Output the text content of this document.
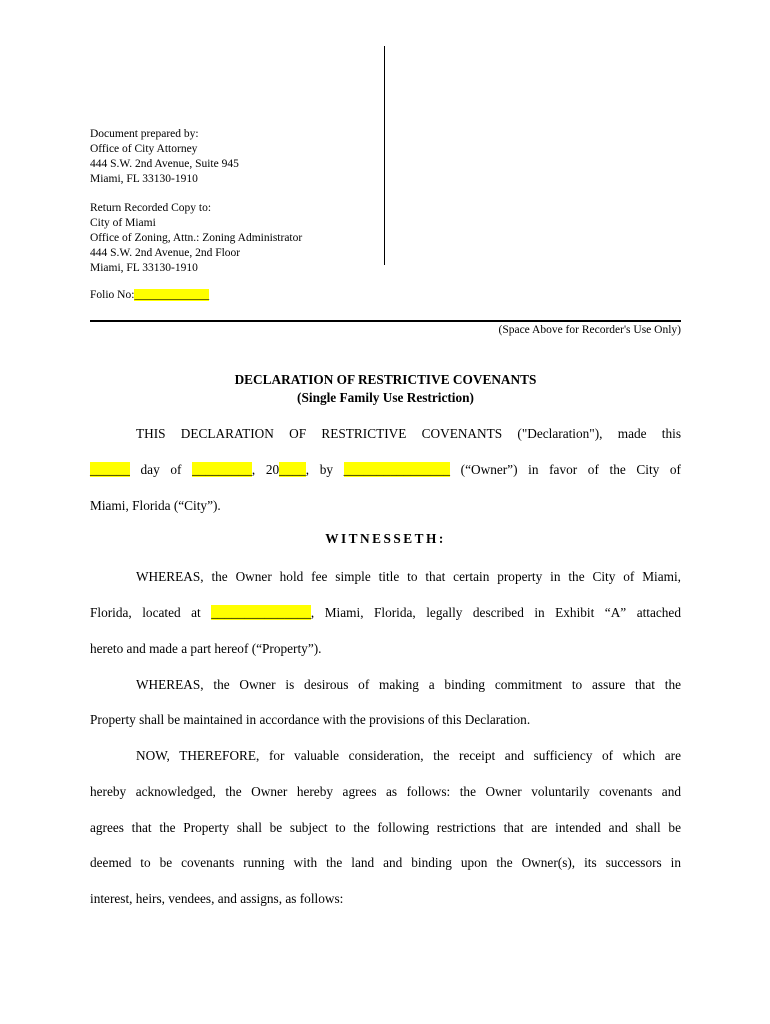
Document prepared by:
Office of City Attorney
444 S.W. 2nd Avenue, Suite 945
Miami, FL 33130-1910
Return Recorded Copy to:
City of Miami
Office of Zoning, Attn.: Zoning Administrator
444 S.W. 2nd Avenue, 2nd Floor
Miami, FL 33130-1910
Folio No:_____________
(Space Above for Recorder's Use Only)
DECLARATION OF RESTRICTIVE COVENANTS
(Single Family Use Restriction)
THIS DECLARATION OF RESTRICTIVE COVENANTS ("Declaration"), made this
______ day of _________, 20____, by ________________ (“Owner”) in favor of the City of
Miami, Florida (“City”).
WITNESSETH:
WHEREAS, the Owner hold fee simple title to that certain property in the City of Miami,
Florida, located at _______________, Miami, Florida, legally described in Exhibit “A” attached
hereto and made a part hereof (“Property”).
WHEREAS, the Owner is desirous of making a binding commitment to assure that the
Property shall be maintained in accordance with the provisions of this Declaration.
NOW, THEREFORE, for valuable consideration, the receipt and sufficiency of which are
hereby acknowledged, the Owner hereby agrees as follows: the Owner voluntarily covenants and
agrees that the Property shall be subject to the following restrictions that are intended and shall be
deemed to be covenants running with the land and binding upon the Owner(s), its successors in
interest, heirs, vendees, and assigns, as follows:
